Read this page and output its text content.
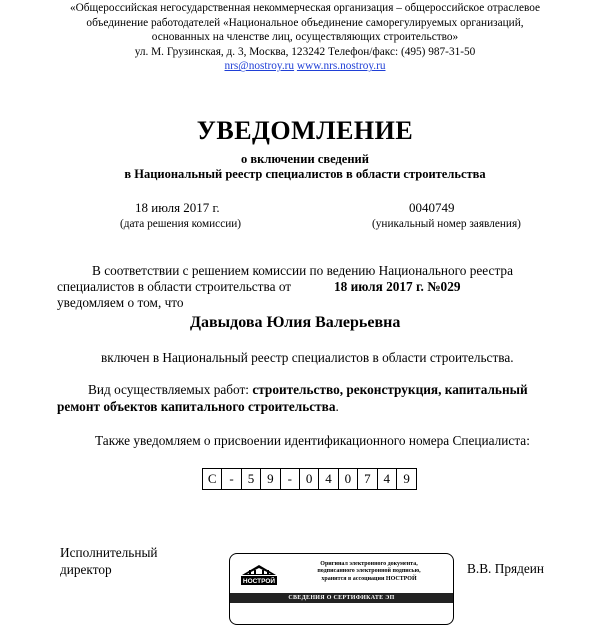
«Общероссийская негосударственная некоммерческая организация – общероссийское отраслевое
объединение работодателей «Национальное объединение саморегулируемых организаций,
основанных на членстве лиц, осуществляющих строительство»
ул. М. Грузинская, д. 3, Москва, 123242 Телефон/факс: (495) 987-31-50
nrs@nostroy.ru www.nrs.nostroy.ru
УВЕДОМЛЕНИЕ
о включении сведений
в Национальный реестр специалистов в области строительства
18 июля 2017 г.
(дата решения комиссии)
0040749
(уникальный номер заявления)
В соответствии с решением комиссии по ведению Национального реестра
специалистов в области строительства от	18 июля 2017 г. №029
уведомляем о том, что
Давыдова Юлия Валерьевна
включен в Национальный реестр специалистов в области строительства.
Вид осуществляемых работ: строительство, реконструкция, капитальный
ремонт объектов капитального строительства.
Также уведомляем о присвоении идентификационного номера Специалиста:
С -	5 9	-	0 4 0 7 4	9
Исполнительный
директор	В.В. Прядеин
НОСТРОЙ
Оригинал электронного документа,
подписанного электронной подписью,
хранится в ассоциации НОСТРОЙ
СВЕДЕНИЯ О СЕРТИФИКАТЕ ЭП
